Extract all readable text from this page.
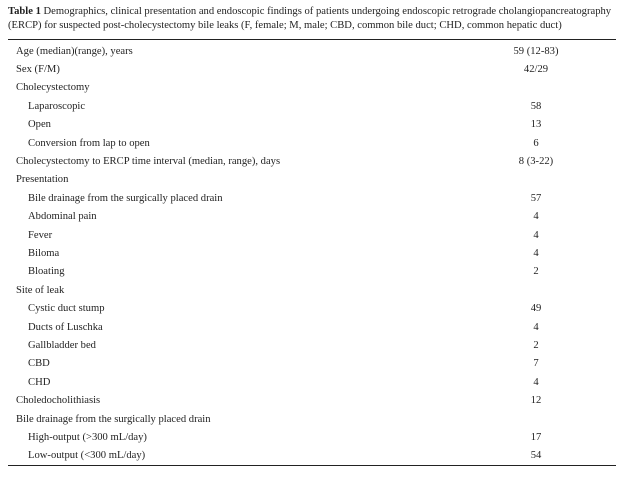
Table 1 Demographics, clinical presentation and endoscopic findings of patients undergoing endoscopic retrograde cholangiopancreatography (ERCP) for suspected post-cholecystectomy bile leaks (F, female; M, male; CBD, common bile duct; CHD, common hepatic duct)

Age (median)(range), years	59 (12-83)
Sex (F/M)	42/29
Cholecystectomy	
Laparoscopic	58
Open	13
Conversion from lap to open	6
Cholecystectomy to ERCP time interval (median, range), days	8 (3-22)
Presentation	
Bile drainage from the surgically placed drain	57
Abdominal pain	4
Fever	4
Biloma	4
Bloating	2
Site of leak	
Cystic duct stump	49
Ducts of Luschka	4
Gallbladder bed	2
CBD	7
CHD	4
Choledocholithiasis	12
Bile drainage from the surgically placed drain	
High-output (>300 mL/day)	17
Low-output (<300 mL/day)	54
